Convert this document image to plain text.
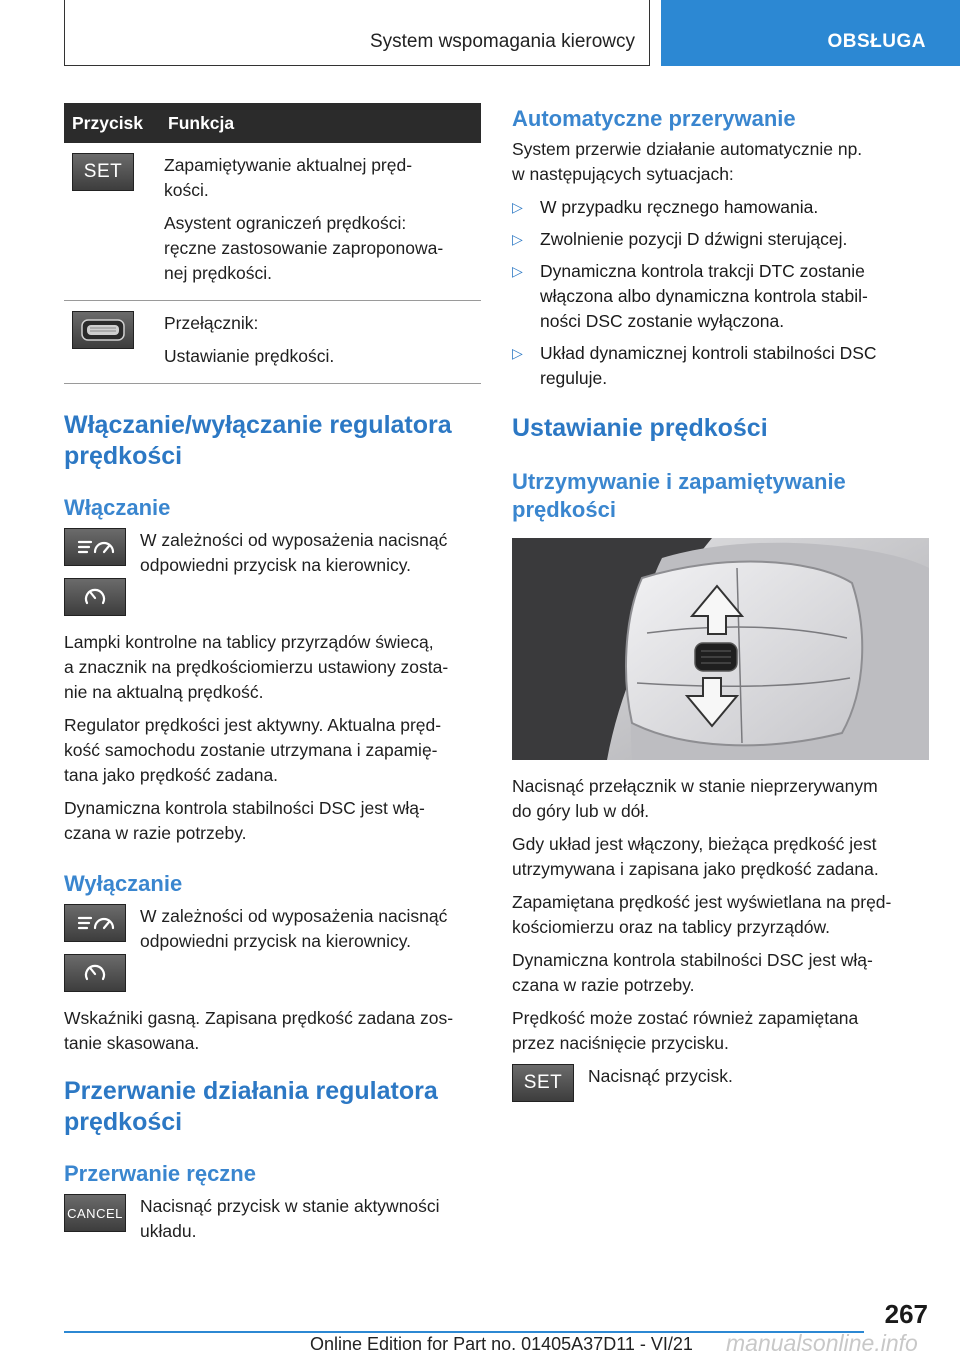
System wspomagania kierowcy	OBSŁUGA
Przycisk	Funkcja

SET	Zapamiętywanie aktualnej pręd-
kości.
Asystent ograniczeń prędkości:
ręczne zastosowanie zaproponowa-
nej prędkości.

Przełącznik:
Ustawianie prędkości.
Włączanie/wyłączanie regulatora
prędkości
Włączanie
W zależności od wyposażenia nacisnąć
odpowiedni przycisk na kierownicy.
Lampki kontrolne na tablicy przyrządów świecą,
a znacznik na prędkościomierzu ustawiony zosta-
nie na aktualną prędkość.
Regulator prędkości jest aktywny. Aktualna pręd-
kość samochodu zostanie utrzymana i zapamię-
tana jako prędkość zadana.
Dynamiczna kontrola stabilności DSC jest włą-
czana w razie potrzeby.
Wyłączanie
W zależności od wyposażenia nacisnąć
odpowiedni przycisk na kierownicy.
Wskaźniki gasną. Zapisana prędkość zadana zos-
tanie skasowana.
Przerwanie działania regulatora
prędkości
Przerwanie ręczne
CANCEL Nacisnąć przycisk w stanie aktywności
układu.
Automatyczne przerywanie
System przerwie działanie automatycznie np.
w następujących sytuacjach:
▷ W przypadku ręcznego hamowania.
▷ Zwolnienie pozycji D dźwigni sterującej.
▷ Dynamiczna kontrola trakcji DTC zostanie
włączona albo dynamiczna kontrola stabil-
ności DSC zostanie wyłączona.
▷ Układ dynamicznej kontroli stabilności DSC
reguluje.
Ustawianie prędkości
Utrzymywanie i zapamiętywanie
prędkości
Nacisnąć przełącznik w stanie nieprzerywanym
do góry lub w dół.
Gdy układ jest włączony, bieżąca prędkość jest
utrzymywana i zapisana jako prędkość zadana.
Zapamiętana prędkość jest wyświetlana na pręd-
kościomierzu oraz na tablicy przyrządów.
Dynamiczna kontrola stabilności DSC jest włą-
czana w razie potrzeby.
Prędkość może zostać również zapamiętana
przez naciśnięcie przycisku.
SET Nacisnąć przycisk.
267
Online Edition for Part no. 01405A37D11 - VI/21 manualsonline.info
